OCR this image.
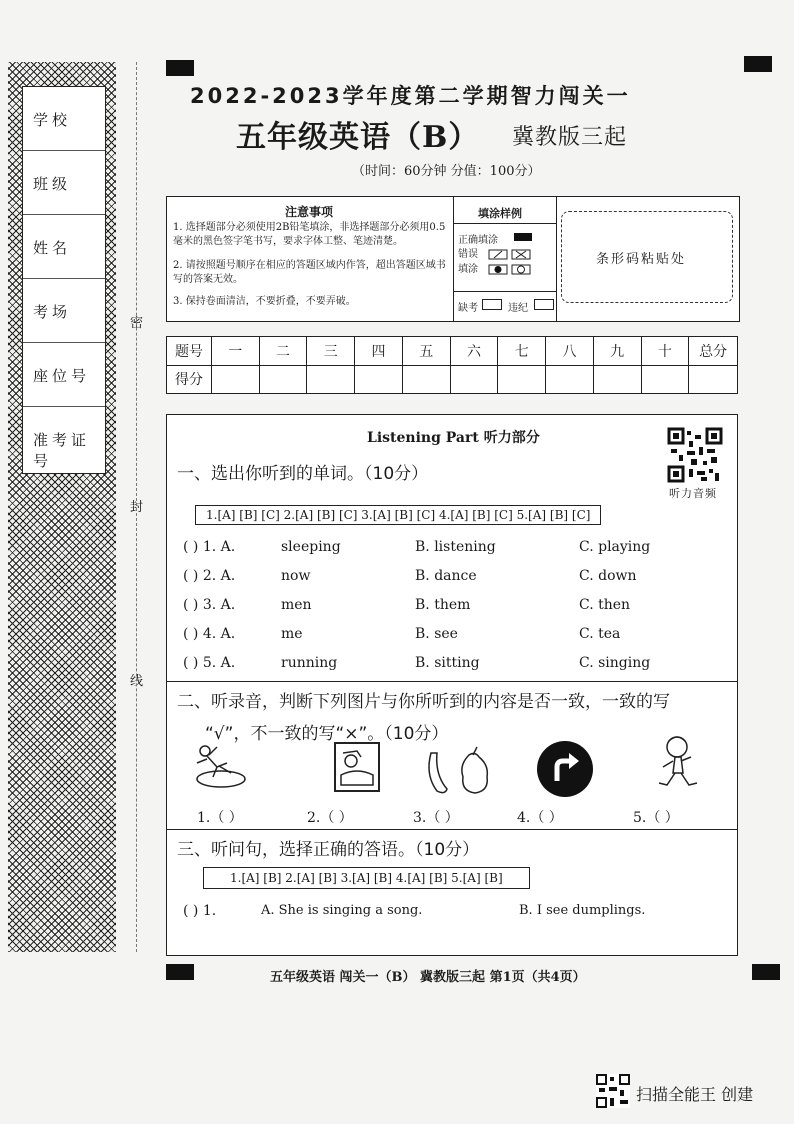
学校
班级
姓名
考场
座位号
准考证号
密
封
线
2022-2023学年度第二学期智力闯关一
五年级英语（B） 冀教版三起
（时间：60分钟 分值：100分）
注意事项

1. 选择题部分必须使用2B铅笔填涂，非选择题部分必须用0.5毫米的黑色签字笔书写，要求字体工整、笔迹清楚。

2. 请按照题号顺序在相应的答题区域内作答，超出答题区域书写的答案无效。

3. 保持卷面清洁，不要折叠，不要弄破。

填涂样例
正确填涂
错误填涂
缺考	违纪
条形码粘贴处
题号	一	二	三	四	五	六	七	八	九	十	总分
得分											
Listening Part 听力部分
听力音频
一、选出你听到的单词。（10分）
1.[A] [B] [C] 2.[A] [B] [C] 3.[A] [B] [C] 4.[A] [B] [C] 5.[A] [B] [C]
( ) 1. A.	sleeping	B. listening	C. playing
( ) 2. A.	now	B. dance	C. down
( ) 3. A.	men	B. them	C. then
( ) 4. A.	me	B. see	C. tea
( ) 5. A.	running	B. sitting	C. singing
二、听录音，判断下列图片与你所听到的内容是否一致，一致的写
“√”，不一致的写“×”。（10分）
1.（ ）	2.（ ）	3.（ ）	4.（ ）	5.（ ）
三、听问句，选择正确的答语。（10分）
1.[A] [B] 2.[A] [B] 3.[A] [B] 4.[A] [B] 5.[A] [B]
( ) 1.	A. She is singing a song.	B. I see dumplings.
五年级英语 闯关一（B） 冀教版三起 第1页（共4页）
扫描全能王 创建
